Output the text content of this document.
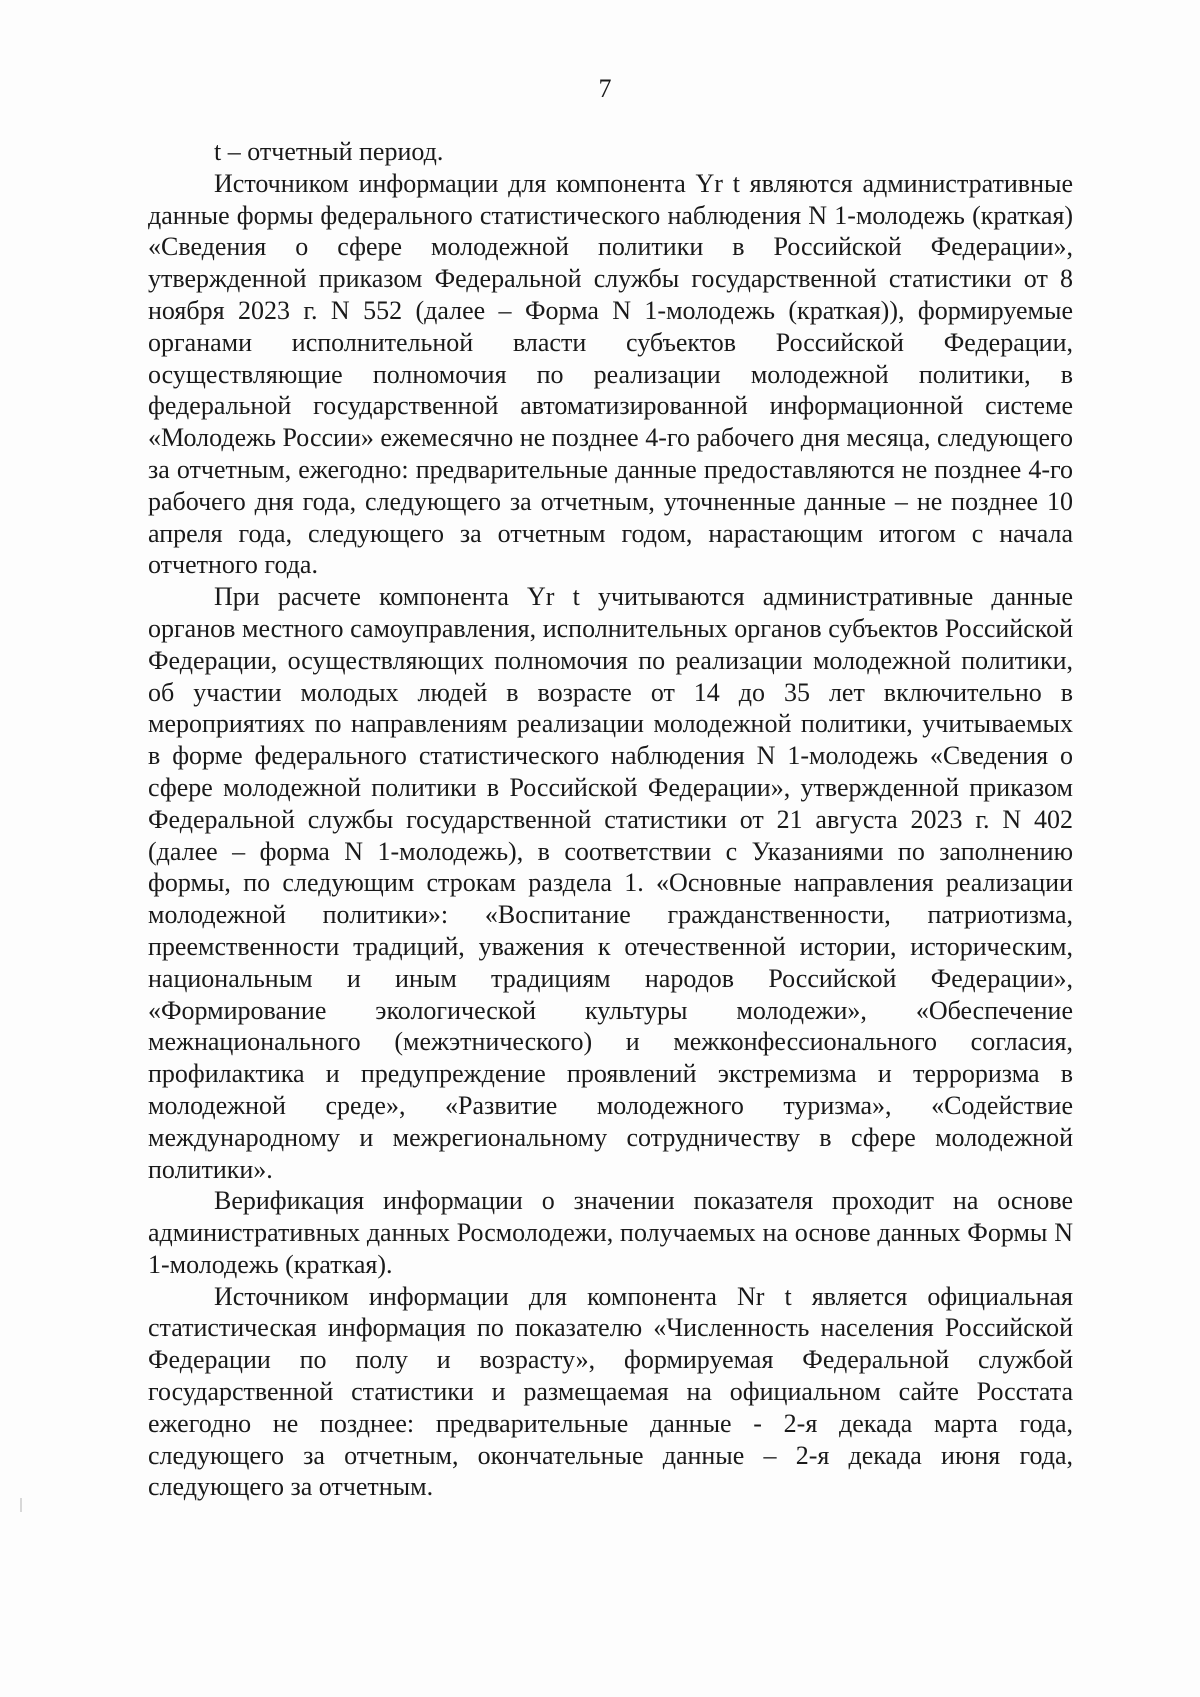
7

t – отчетный период.

Источником информации для компонента Yr t являются административные данные формы федерального статистического наблюдения N 1-молодежь (краткая) «Сведения о сфере молодежной политики в Российской Федерации», утвержденной приказом Федеральной службы государственной статистики от 8 ноября 2023 г. N 552 (далее – Форма N 1-молодежь (краткая)), формируемые органами исполнительной власти субъектов Российской Федерации, осуществляющие полномочия по реализации молодежной политики, в федеральной государственной автоматизированной информационной системе «Молодежь России» ежемесячно не позднее 4-го рабочего дня месяца, следующего за отчетным, ежегодно: предварительные данные предоставляются не позднее 4-го рабочего дня года, следующего за отчетным, уточненные данные – не позднее 10 апреля года, следующего за отчетным годом, нарастающим итогом с начала отчетного года.

При расчете компонента Yr t учитываются административные данные органов местного самоуправления, исполнительных органов субъектов Российской Федерации, осуществляющих полномочия по реализации молодежной политики, об участии молодых людей в возрасте от 14 до 35 лет включительно в мероприятиях по направлениям реализации молодежной политики, учитываемых в форме федерального статистического наблюдения N 1-молодежь «Сведения о сфере молодежной политики в Российской Федерации», утвержденной приказом Федеральной службы государственной статистики от 21 августа 2023 г. N 402 (далее – форма N 1-молодежь), в соответствии с Указаниями по заполнению формы, по следующим строкам раздела 1. «Основные направления реализации молодежной политики»: «Воспитание гражданственности, патриотизма, преемственности традиций, уважения к отечественной истории, историческим, национальным и иным традициям народов Российской Федерации», «Формирование экологической культуры молодежи», «Обеспечение межнационального (межэтнического) и межконфессионального согласия, профилактика и предупреждение проявлений экстремизма и терроризма в молодежной среде», «Развитие молодежного туризма», «Содействие международному и межрегиональному сотрудничеству в сфере молодежной политики».

Верификация информации о значении показателя проходит на основе административных данных Росмолодежи, получаемых на основе данных Формы N 1-молодежь (краткая).

Источником информации для компонента Nr t является официальная статистическая информация по показателю «Численность населения Российской Федерации по полу и возрасту», формируемая Федеральной службой государственной статистики и размещаемая на официальном сайте Росстата ежегодно не позднее: предварительные данные - 2-я декада марта года, следующего за отчетным, окончательные данные – 2-я декада июня года, следующего за отчетным.
